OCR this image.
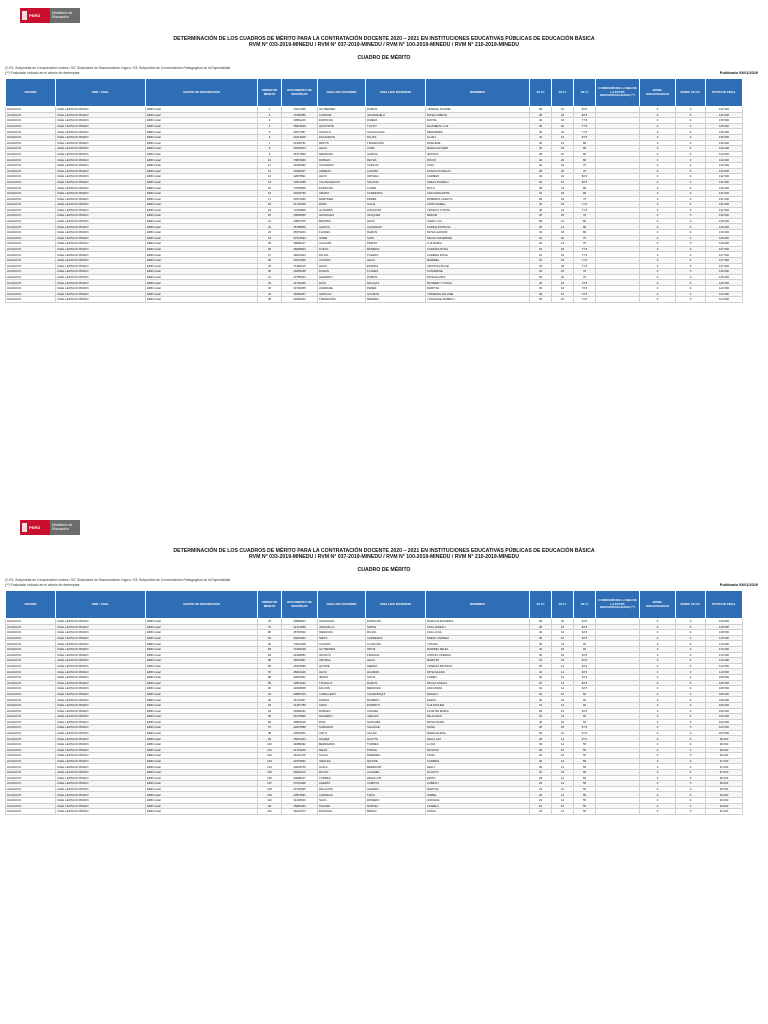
PERÚ	Ministerio de Educación
DETERMINACIÓN DE LOS CUADROS DE MÉRITO PARA LA CONTRATACIÓN DOCENTE 2020 – 2021 EN INSTITUCIONES EDUCATIVAS PÚBLICAS DE EDUCACIÓN BÁSICA
RVM N° 033-2019-MINEDU / RVM N° 037-2019-MINEDU / RVM N° 100-2019-MINEDU / RVM N° 210-2019-MINEDU
CUADRO DE MÉRITO
(*) S1: Subprueba de Comprensión Lectora / S2: Subprueba de Razonamiento Lógico / S3: Subprueba de Conocimientos Pedagógicos de la Especialidad
(**) Postulante ubicado en el criterio de desempate	Publicado 03/01/2020
REGIÓN	DRE / UGEL	GRUPO DE INSCRIPCIÓN	ORDEN DE MÉRITO	DOCUMENTO DE IDENTIDAD	APELLIDO PATERNO	APELLIDO MATERNO	NOMBRES	S1 (*)	S2 (*)	S3 (*)	CONDICIÓN DE LA IIEE DE LA ETAPA DESCENTRALIZADA (**)	BONIF. DISCAPACIDAD	BONIF. FF.AA.	PUNTAJE FINAL
HUANUCO	UGEL LEONCIO PRADO	EBR Inicial	1	70213459	GUTIERREZ	RAMOS	YESENIA IVONNE	38	22	82.5		0	0	142.500
HUANUCO	UGEL LEONCIO PRADO	EBR Inicial	2	71985386	CONDOR	VALENZUELA	ROSA LIZBETH	38	20	82.5		0	0	140.500
HUANUCO	UGEL LEONCIO PRADO	EBR Inicial	3	43851226	ESPINOZA	RIVERA	MAYRA	40	18	77.5		0	0	135.500
HUANUCO	UGEL LEONCIO PRADO	EBR Inicial	4	45843929	HUAYNATE	TUCTO	ELIZABETH LUZ	38	20	77.5		0	0	135.500
HUANUCO	UGEL LEONCIO PRADO	EBR Inicial	5	43271057	HUANCA	CHACALIAZA	MERCEDES	36	22	77.5		0	0	135.500
HUANUCO	UGEL LEONCIO PRADO	EBR Inicial	6	42213005	ESCANDON	ROJAS	LILIAN	32	16	87.5		0	0	135.500
HUANUCO	UGEL LEONCIO PRADO	EBR Inicial	7	21205791	MATOS	TRAVEZAÑO	MARLENE	40	14	80		0	0	134.000
HUANUCO	UGEL LEONCIO PRADO	EBR Inicial	8	44592154	LEON	CUBA	MARIA ESTHER	36	18	80		0	0	134.000
HUANUCO	UGEL LEONCIO PRADO	EBR Inicial	9	45177866	MENDOZA	GARCIA	JESSICA	38	16	80		0	0	134.000
HUANUCO	UGEL LEONCIO PRADO	EBR Inicial	10	70815960	ROBLES	REYES	ROCIO	34	20	80		0	0	134.000
HUANUCO	UGEL LEONCIO PRADO	EBR Inicial	11	41925093	ALVARADO	CARLOS	SUSY	40	18	75		0	0	133.000
HUANUCO	UGEL LEONCIO PRADO	EBR Inicial	12	40469937	ARRIETA	LAZARO	KATHIA ROSALVA	38	20	75		0	0	133.000
HUANUCO	UGEL LEONCIO PRADO	EBR Inicial	13	42897891	LEON	ORTEGA	CARMEN	34	16	82.5		0	0	132.500
HUANUCO	UGEL LEONCIO PRADO	EBR Inicial	14	72541688	VILLAVICENCIO	SOLANO	ADELA FIORELA	36	14	82.5		0	0	132.500
HUANUCO	UGEL LEONCIO PRADO	EBR Inicial	15	73455806	ESPINOZA	LOPEZ	RUTH	38	14	80		0	0	132.000
HUANUCO	UGEL LEONCIO PRADO	EBR Inicial	16	44003799	AMADO	CARDENAS	ANA MARGARITA	34	18	80		0	0	132.000
HUANUCO	UGEL LEONCIO PRADO	EBR Inicial	17	43372066	MARTINEZ	PEREZ	ROBERTA CARLITA	38	18	75		0	0	131.000
HUANUCO	UGEL LEONCIO PRADO	EBR Inicial	18	41723949	PEÑA	SOLIS	ANITA ISABEL	36	18	77.5		0	0	131.500
HUANUCO	UGEL LEONCIO PRADO	EBR Inicial	19	72193806	OLIVARES	HINOJOSA	YESSICA YUDITH	40	14	77.5		0	0	131.500
HUANUCO	UGEL LEONCIO PRADO	EBR Inicial	20	43869856	GONZALES	VASQUEZ	MIRIAM	40	20	70		0	0	130.000
HUANUCO	UGEL LEONCIO PRADO	EBR Inicial	21	43801755	BENITES	LEON	JANET LUZ	38	12	80		0	0	130.000
HUANUCO	UGEL LEONCIO PRADO	EBR Inicial	22	45788856	GARCIA	ALVARADO	KARINA PATRICIA	36	14	80		0	0	130.000
HUANUCO	UGEL LEONCIO PRADO	EBR Inicial	23	45579204	FLORES	RAMOS	ROSA LEONOR	32	18	80		0	0	130.000
HUANUCO	UGEL LEONCIO PRADO	EBR Inicial	24	43716693	JAIME	SONI	SILVIA KATHERINE	34	20	75		0	0	129.000
HUANUCO	UGEL LEONCIO PRADO	EBR Inicial	25	45890137	AGUILAR	PRIETO	LUZ MARIA	40	14	75		0	0	129.000
HUANUCO	UGEL LEONCIO PRADO	EBR Inicial	26	45638904	CUEVA	MORENO	CANDIDA ROSA	32	18	77.5		0	0	127.500
HUANUCO	UGEL LEONCIO PRADO	EBR Inicial	27	44051023	ROJAS	TOLEDO	CARMEN ROSA	34	16	77.5		0	0	127.500
HUANUCO	UGEL LEONCIO PRADO	EBR Inicial	28	43476436	CASTRO	LEON	MARIBEL	32	18	77.5		0	0	127.500
HUANUCO	UGEL LEONCIO PRADO	EBR Inicial	29	71465125	LEON	ESPADA	CRISTINA PILAR	30	20	77.5		0	0	127.500
HUANUCO	UGEL LEONCIO PRADO	EBR Inicial	30	40255348	DURAN	FLORES	KATHERINE	34	22	70		0	0	126.000
HUANUCO	UGEL LEONCIO PRADO	EBR Inicial	31	43785643	LEANDRO	RAMOS	ROSA ELVIRA	36	20	70		0	0	126.000
HUANUCO	UGEL LEONCIO PRADO	EBR Inicial	32	41781066	RIOS	MALLQUI	ROSMERY YOANA	36	18	72.5		0	0	126.500
HUANUCO	UGEL LEONCIO PRADO	EBR Inicial	33	44796455	ANDRADE	PEREZ	MARITZA	36	16	72.5		0	0	124.500
HUANUCO	UGEL LEONCIO PRADO	EBR Inicial	34	46384057	HIDALGO	HUAMAN	YESSENIA SALOME	38	14	72.5		0	0	124.500
HUANUCO	UGEL LEONCIO PRADO	EBR Inicial	35	41846532	TRAVEZAÑO	MENDEZ	YOHANA ELIZABETH	36	16	72.5		0	0	124.500
PERÚ	Ministerio de Educación
DETERMINACIÓN DE LOS CUADROS DE MÉRITO PARA LA CONTRATACIÓN DOCENTE 2020 – 2021 EN INSTITUCIONES EDUCATIVAS PÚBLICAS DE EDUCACIÓN BÁSICA
RVM N° 033-2019-MINEDU / RVM N° 037-2019-MINEDU / RVM N° 100-2019-MINEDU / RVM N° 210-2019-MINEDU
CUADRO DE MÉRITO
(*) S1: Subprueba de Comprensión Lectora / S2: Subprueba de Razonamiento Lógico / S3: Subprueba de Conocimientos Pedagógicos de la Especialidad
(**) Postulante ubicado en el criterio de desempate	Publicado 03/01/2020
REGIÓN	DRE / UGEL	GRUPO DE INSCRIPCIÓN	ORDEN DE MÉRITO	DOCUMENTO DE IDENTIDAD	APELLIDO PATERNO	APELLIDO MATERNO	NOMBRES	S1 (*)	S2 (*)	S3 (*)	CONDICIÓN DE LA IIEE DE LA ETAPA DESCENTRALIZADA (**)	BONIF. DISCAPACIDAD	BONIF. FF.AA.	PUNTAJE FINAL
HUANUCO	UGEL LEONCIO PRADO	EBR Inicial	78	43880504	GONZALES	ESPINOZA	MARIA ALEXANDRA	38	20	62.5		0	0	120.500
HUANUCO	UGEL LEONCIO PRADO	EBR Inicial	79	44721959	JARAMILLO	SIMON	LIDIA JANETH	38	18	62.5		0	0	118.500
HUANUCO	UGEL LEONCIO PRADO	EBR Inicial	80	45784530	MENDOZA	ROJAS	ANA LUCIA	40	16	62.5		0	0	118.500
HUANUCO	UGEL LEONCIO PRADO	EBR Inicial	81	44831062	NIETO	CARDENAS	ENEDY ANDREA	38	16	62.5		0	0	116.500
HUANUCO	UGEL LEONCIO PRADO	EBR Inicial	82	70651438	CASTRO	LLANCARI	VIVIANA	36	14	65		0	0	115.000
HUANUCO	UGEL LEONCIO PRADO	EBR Inicial	83	71948348	GUTIERREZ	ORTIZ	MARIBEL MEJIA	32	18	65		0	0	115.000
HUANUCO	UGEL LEONCIO PRADO	EBR Inicial	84	44128953	JACINTO	FRANCIA	CINTHIA YESENIA	36	16	62.5		0	0	114.500
HUANUCO	UGEL LEONCIO PRADO	EBR Inicial	85	46004087	ORTEGA	LEON	MARITZA	34	16	62.5		0	0	112.500
HUANUCO	UGEL LEONCIO PRADO	EBR Inicial	86	44218095	QUISPE	SIERRA	YESENIA PATRICIA	36	14	62.5		0	0	112.500
HUANUCO	UGEL LEONCIO PRADO	EBR Inicial	87	45016449	LEON	HUAMAN	ROSA ELENA	34	14	62.5		0	0	110.500
HUANUCO	UGEL LEONCIO PRADO	EBR Inicial	88	43903451	JESUS	SOLIS	KAREN	30	16	62.5		0	0	108.500
HUANUCO	UGEL LEONCIO PRADO	EBR Inicial	89	42861032	TRUJILLO	RAMOS	PAOLA NOELIA	32	14	62.5		0	0	108.500
HUANUCO	UGEL LEONCIO PRADO	EBR Inicial	90	41894568	FALCON	MENDOZA	ANA MARIA	34	12	62.5		0	0	108.500
HUANUCO	UGEL LEONCIO PRADO	EBR Inicial	91	43887155	CABALLERO	CHARAPAQUI	MAGALY	32	16	60		0	0	108.000
HUANUCO	UGEL LEONCIO PRADO	EBR Inicial	92	46741057	ZAPATA	ROMERO	ELENA	30	18	60		0	0	108.000
HUANUCO	UGEL LEONCIO PRADO	EBR Inicial	93	41287785	CRUZ	ESPIRITU	LUZ ESTHER	34	14	60		0	0	108.000
HUANUCO	UGEL LEONCIO PRADO	EBR Inicial	94	44089431	ROBLES	CHAVEZ	FLOR DE MARIA	28	16	62.5		0	0	106.500
HUANUCO	UGEL LEONCIO PRADO	EBR Inicial	95	45178839	NAVARRO	VARGAS	MILAGROS	32	14	60		0	0	106.000
HUANUCO	UGEL LEONCIO PRADO	EBR Inicial	96	40851106	DIAZ	SANCHEZ	ROSA MARIA	30	16	60		0	0	106.000
HUANUCO	UGEL LEONCIO PRADO	EBR Inicial	97	42097889	SUMARAN	SALAZAR	NORA	28	18	57.5		0	0	103.500
HUANUCO	UGEL LEONCIO PRADO	EBR Inicial	98	43954001	SOTO	VILLAR	MARIA ELENA	30	16	57.5		0	0	103.500
HUANUCO	UGEL LEONCIO PRADO	EBR Inicial	99	45691234	GOMEZ	HUAYTA	DELIA LUZ	28	14	57.5		0	0	99.500
HUANUCO	UGEL LEONCIO PRADO	EBR Inicial	100	44389092	BERNARDO	TORRES	LUCIA	30	14	55		0	0	99.000
HUANUCO	UGEL LEONCIO PRADO	EBR Inicial	101	41722309	MEJIA	PONCE	ROXANA	28	16	55		0	0	99.000
HUANUCO	UGEL LEONCIO PRADO	EBR Inicial	102	46110476	SALAS	PAREDES	TANIA	26	18	55		0	0	99.000
HUANUCO	UGEL LEONCIO PRADO	EBR Inicial	103	42376652	VARGAS	QUISPE	CARMEN	30	12	55		0	0	97.000
HUANUCO	UGEL LEONCIO PRADO	EBR Inicial	104	43018756	AYALA	BERROSPI	NELLY	28	14	55		0	0	97.000
HUANUCO	UGEL LEONCIO PRADO	EBR Inicial	105	45532210	ROJAS	ALVAREZ	GLADYS	26	16	55		0	0	97.000
HUANUCO	UGEL LEONCIO PRADO	EBR Inicial	106	40998317	TORRES	ZEVALLOS	EDITH	28	12	55		0	0	95.000
HUANUCO	UGEL LEONCIO PRADO	EBR Inicial	107	47001268	HUERTA	CAMPOS	LIZBETH	26	14	55		0	0	95.000
HUANUCO	UGEL LEONCIO PRADO	EBR Inicial	108	44720835	PALACIOS	GUERRA	MARTHA	24	16	55		0	0	95.000
HUANUCO	UGEL LEONCIO PRADO	EBR Inicial	109	43557891	CORNEJO	TAPIA	ISABEL	26	12	55		0	0	93.000
HUANUCO	UGEL LEONCIO PRADO	EBR Inicial	110	41206643	SILVA	ROMERO	GIOVANA	24	14	55		0	0	93.000
HUANUCO	UGEL LEONCIO PRADO	EBR Inicial	111	45860092	CHAVEZ	MARTEL	FIORELA	22	16	55		0	0	93.000
HUANUCO	UGEL LEONCIO PRADO	EBR Inicial	112	46215573	ESTRADA	BRAVO	SONIA	24	12	55		0	0	91.000
